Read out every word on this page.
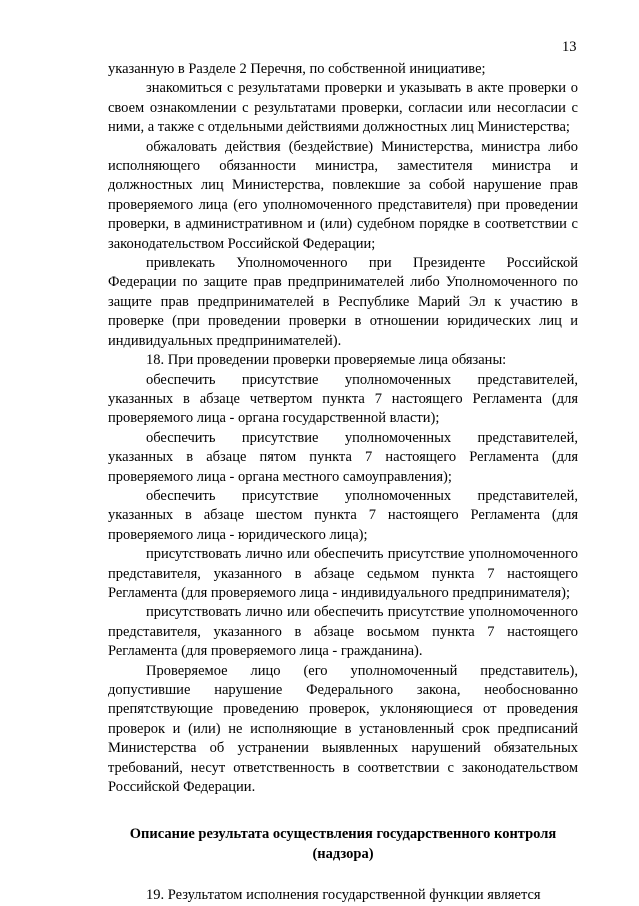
13

указанную в Разделе 2 Перечня, по собственной инициативе;

знакомиться с результатами проверки и указывать в акте проверки о своем ознакомлении с результатами проверки, согласии или несогласии с ними, а также с отдельными действиями должностных лиц Министерства;

обжаловать действия (бездействие) Министерства, министра либо исполняющего обязанности министра, заместителя министра и должностных лиц Министерства, повлекшие за собой нарушение прав проверяемого лица (его уполномоченного представителя) при проведении проверки, в административном и (или) судебном порядке в соответствии с законодательством Российской Федерации;

привлекать Уполномоченного при Президенте Российской Федерации по защите прав предпринимателей либо Уполномоченного по защите прав предпринимателей в Республике Марий Эл к участию в проверке (при проведении проверки в отношении юридических лиц и индивидуальных предпринимателей).

18. При проведении проверки проверяемые лица обязаны:

обеспечить присутствие уполномоченных представителей, указанных в абзаце четвертом пункта 7 настоящего Регламента (для проверяемого лица - органа государственной власти);

обеспечить присутствие уполномоченных представителей, указанных в абзаце пятом пункта 7 настоящего Регламента (для проверяемого лица - органа местного самоуправления);

обеспечить присутствие уполномоченных представителей, указанных в абзаце шестом пункта 7 настоящего Регламента (для проверяемого лица - юридического лица);

присутствовать лично или обеспечить присутствие уполномоченного представителя, указанного в абзаце седьмом пункта 7 настоящего Регламента (для проверяемого лица - индивидуального предпринимателя);

присутствовать лично или обеспечить присутствие уполномоченного представителя, указанного в абзаце восьмом пункта 7 настоящего Регламента (для проверяемого лица - гражданина).

Проверяемое лицо (его уполномоченный представитель), допустившие нарушение Федерального закона, необоснованно препятствующие проведению проверок, уклоняющиеся от проведения проверок и (или) не исполняющие в установленный срок предписаний Министерства об устранении выявленных нарушений обязательных требований, несут ответственность в соответствии с законодательством Российской Федерации.

Описание результата осуществления государственного контроля (надзора)

19. Результатом исполнения государственной функции является
